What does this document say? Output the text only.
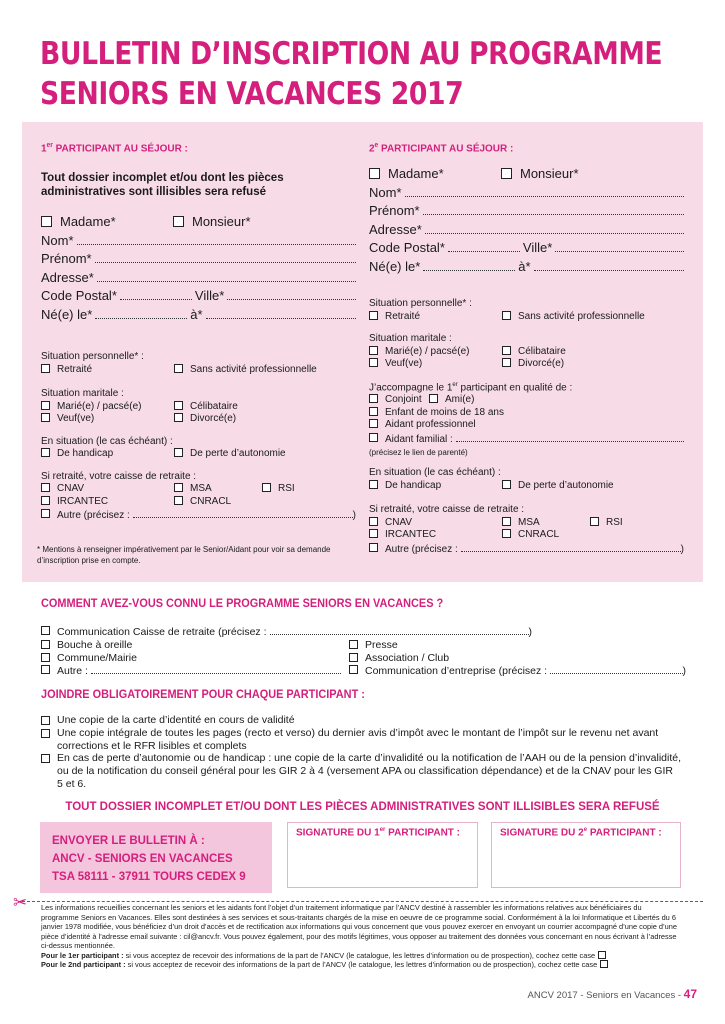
BULLETIN D’INSCRIPTION AU PROGRAMME
SENIORS EN VACANCES 2017
1er PARTICIPANT AU SÉJOUR :
Tout dossier incomplet et/ou dont les pièces administratives sont illisibles sera refusé
Madame*	Monsieur*
Nom*
Prénom*
Adresse*
Code Postal*	Ville*
Né(e) le*	à*
Situation personnelle* :
Retraité	Sans activité professionnelle
Situation maritale :
Marié(e) / pacsé(e)	Célibataire
Veuf(ve)	Divorcé(e)
En situation (le cas échéant) :
De handicap	De perte d’autonomie
Si retraité, votre caisse de retraite :
CNAV	MSA	RSI
IRCANTEC	CNRACL
Autre (précisez :	)
* Mentions à renseigner impérativement par le Senior/Aidant pour voir sa demande d’inscription prise en compte.
2e PARTICIPANT AU SÉJOUR :
Madame*	Monsieur*
Nom*
Prénom*
Adresse*
Code Postal*	Ville*
Né(e) le*	à*
Situation personnelle* :
Retraité	Sans activité professionnelle
Situation maritale :
Marié(e) / pacsé(e)	Célibataire
Veuf(ve)	Divorcé(e)
J’accompagne le 1er participant en qualité de :
Conjoint	Ami(e)
Enfant de moins de 18 ans
Aidant professionnel
Aidant familial :
(précisez le lien de parenté)
En situation (le cas échéant) :
De handicap	De perte d’autonomie
Si retraité, votre caisse de retraite :
CNAV	MSA	RSI
IRCANTEC	CNRACL
Autre (précisez :	)
COMMENT AVEZ-VOUS CONNU LE PROGRAMME SENIORS EN VACANCES ?
Communication Caisse de retraite (précisez :	)
Bouche à oreille	Presse
Commune/Mairie	Association / Club
Autre :	Communication d’entreprise (précisez :	)
JOINDRE OBLIGATOIREMENT POUR CHAQUE PARTICIPANT :
Une copie de la carte d’identité en cours de validité
Une copie intégrale de toutes les pages (recto et verso) du dernier avis d’impôt avec le montant de l’impôt sur le revenu net avant corrections et le RFR lisibles et complets
En cas de perte d’autonomie ou de handicap : une copie de la carte d’invalidité ou la notification de l’AAH ou de la pension d’invalidité, ou de la notification du conseil général pour les GIR 2 à 4 (versement APA ou classification dépendance) et de la CNAV pour les GIR 5 et 6.
TOUT DOSSIER INCOMPLET ET/OU DONT LES PIÈCES ADMINISTRATIVES SONT ILLISIBLES SERA REFUSÉ
ENVOYER LE BULLETIN À :
ANCV - SENIORS EN VACANCES
TSA 58111 - 37911 TOURS CEDEX 9
SIGNATURE DU 1er PARTICIPANT :	SIGNATURE DU 2e PARTICIPANT :
✂ Les informations recueillies concernant les seniors et les aidants font l’objet d’un traitement informatique par l’ANCV destiné à rassembler les informations relatives aux bénéficiaires du programme Seniors en Vacances. Elles sont destinées à ses services et sous-traitants chargés de la mise en oeuvre de ce programme social. Conformément à la loi Informatique et Libertés du 6 janvier 1978 modifiée, vous bénéficiez d’un droit d’accès et de rectification aux informations qui vous concernent que vous pouvez exercer en envoyant un courrier accompagné d’une copie d’une pièce d’identité à l’adresse email suivante : cil@ancv.fr. Vous pouvez également, pour des motifs légitimes, vous opposer au traitement des données vous concernant en nous écrivant à l’adresse ci-dessus mentionnée.
Pour le 1er participant : si vous acceptez de recevoir des informations de la part de l’ANCV (le catalogue, les lettres d’information ou de prospection), cochez cette case
Pour le 2nd participant : si vous acceptez de recevoir des informations de la part de l’ANCV (le catalogue, les lettres d’information ou de prospection), cochez cette case
ANCV 2017 - Seniors en Vacances - 47
